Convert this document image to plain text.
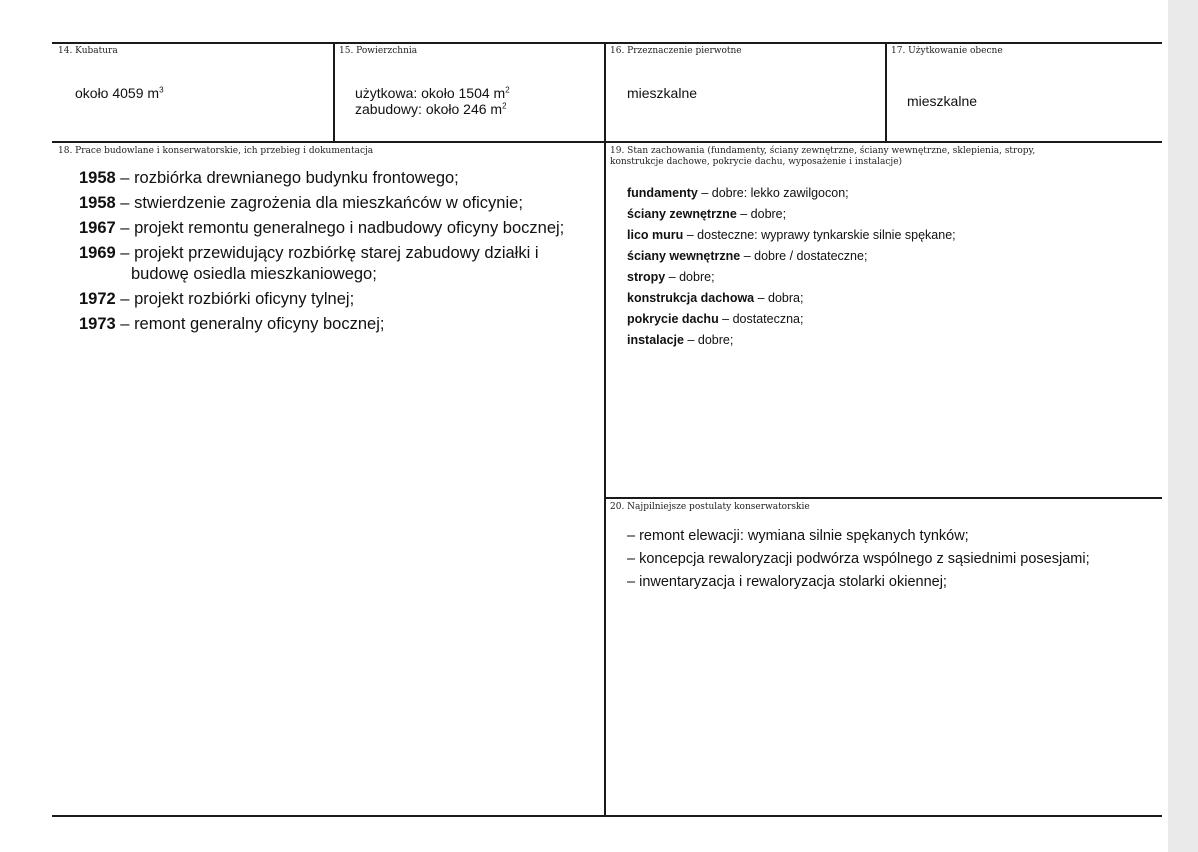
14. Kubatura

około 4059 $m^3$

15. Powierzchnia

użytkowa: około 1504 $m^2$

zabudowy: około 246 $m^2$

16. Przeznaczenie pierwotne

mieszkalne

17. Użytkowanie obecne

mieszkalne

18. Prace budowlane i konserwatorskie, ich przebieg i dokumentacja

1958 – rozbiórka drewnianego budynku frontowego;
1958 – stwierdzenie zagrożenia dla mieszkańców w oficynie;
1967 – projekt remontu generalnego i nadbudowy oficyny bocznej;
1969 – projekt przewidujący rozbiórkę starej zabudowy działki i budowę osiedla mieszkaniowego;
1972 – projekt rozbiórki oficyny tylnej;
1973 – remont generalny oficyny bocznej;

19. Stan zachowania (fundamenty, ściany zewnętrzne, ściany wewnętrzne, sklepienia, stropy, konstrukcje dachowe, pokrycie dachu, wyposażenie i instalacje)

fundamenty – dobre: lekko zawilgocon;
ściany zewnętrzne – dobre;
lico muru – dosteczne: wyprawy tynkarskie silnie spękane;
ściany wewnętrzne – dobre / dostateczne;
stropy – dobre;
konstrukcja dachowa – dobra;
pokrycie dachu – dostateczna;
instalacje – dobre;

20. Najpilniejsze postulaty konserwatorskie

– remont elewacji: wymiana silnie spękanych tynków;
– koncepcja rewaloryzacji podwórza wspólnego z sąsiednimi posesjami;
– inwentaryzacja i rewaloryzacja stolarki okiennej;
